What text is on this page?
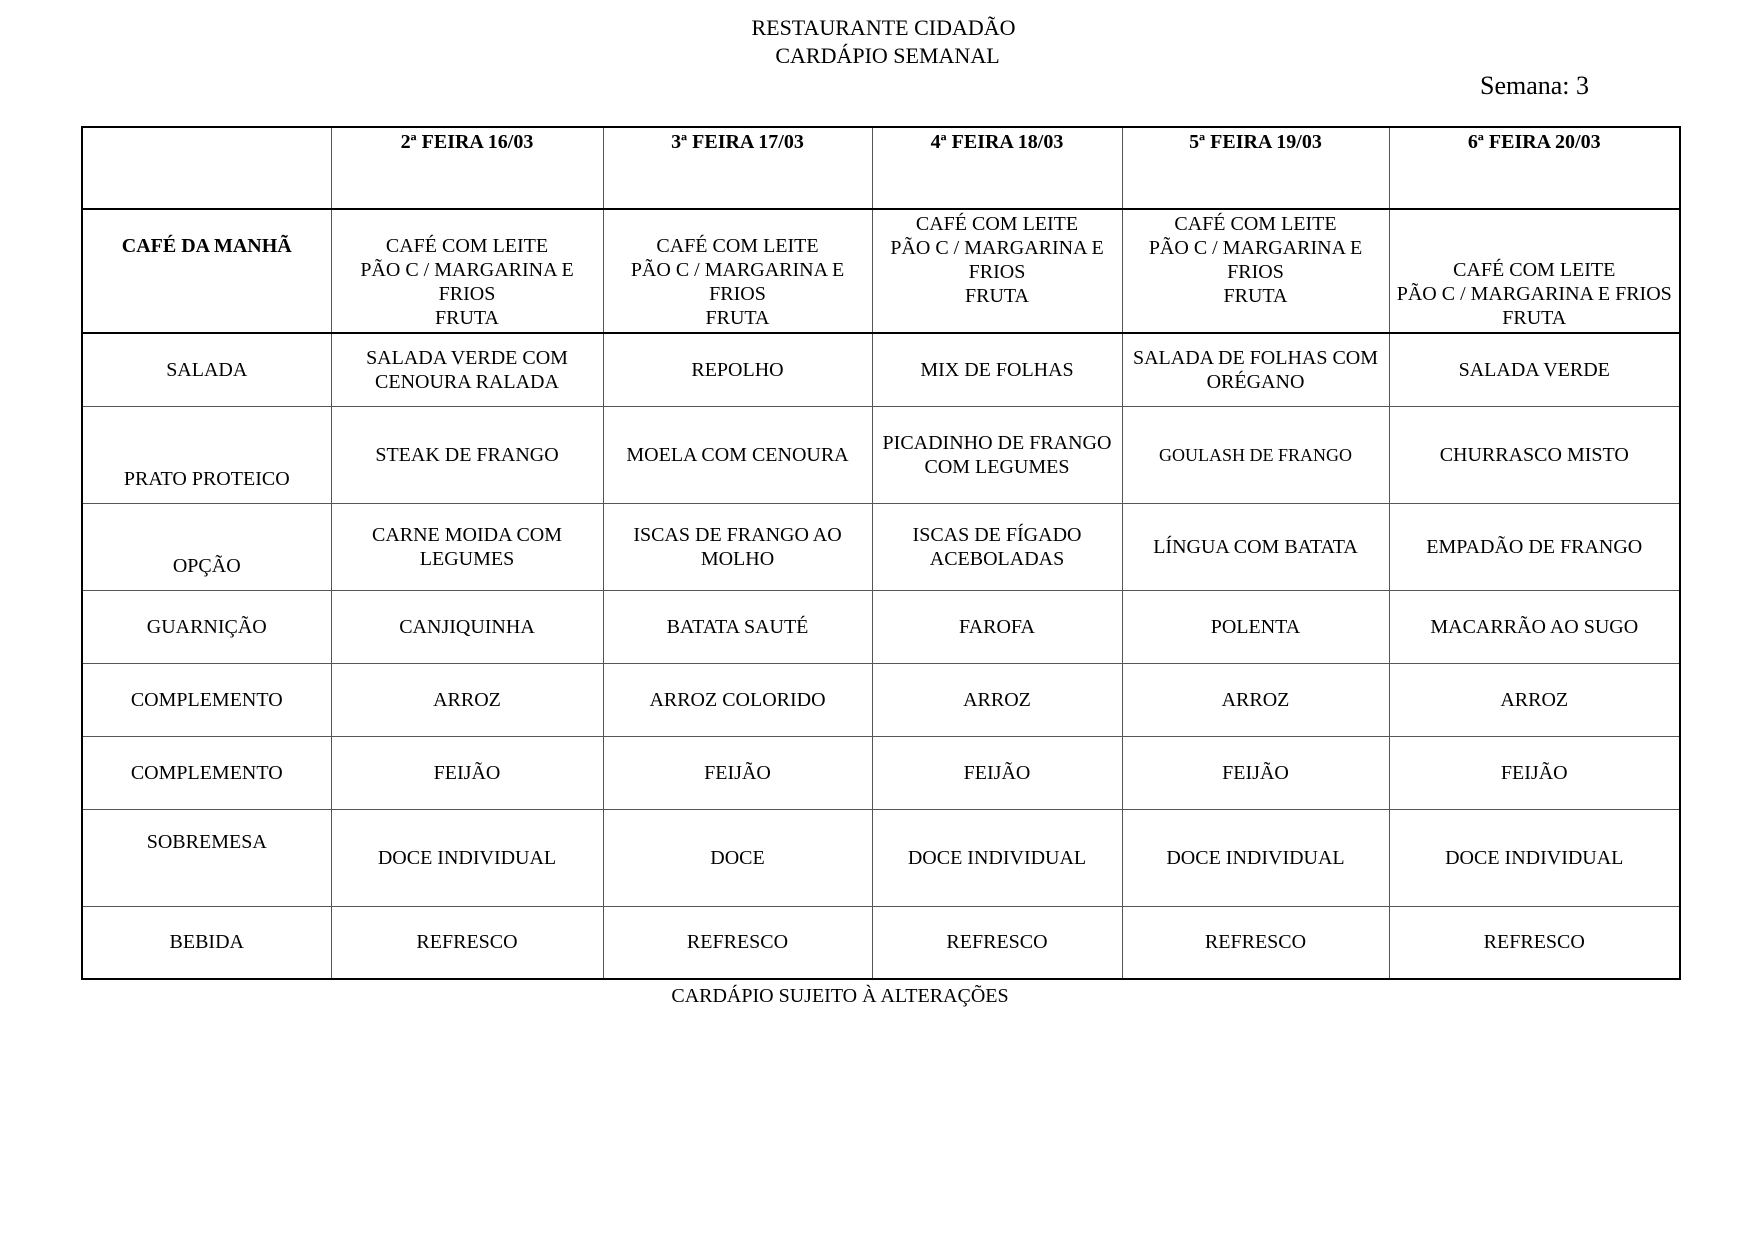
RESTAURANTE CIDADÃO
CARDÁPIO SEMANAL
Semana: 3
	2ª FEIRA 16/03	3ª FEIRA 17/03	4ª FEIRA 18/03	5ª FEIRA 19/03	6ª FEIRA 20/03
CAFÉ DA MANHÃ	CAFÉ COM LEITE
PÃO C / MARGARINA E FRIOS
FRUTA	CAFÉ COM LEITE
PÃO C / MARGARINA E FRIOS
FRUTA	CAFÉ COM LEITE
PÃO C / MARGARINA E FRIOS
FRUTA	CAFÉ COM LEITE
PÃO C / MARGARINA E FRIOS
FRUTA	CAFÉ COM LEITE
PÃO C / MARGARINA E FRIOS
FRUTA

SALADA	SALADA VERDE COM CENOURA RALADA	REPOLHO	MIX DE FOLHAS	SALADA DE FOLHAS COM ORÉGANO	SALADA VERDE
PRATO PROTEICO	STEAK DE FRANGO	MOELA COM CENOURA	PICADINHO DE FRANGO COM LEGUMES	GOULASH DE FRANGO	CHURRASCO MISTO
OPÇÃO	CARNE MOIDA COM LEGUMES	ISCAS DE FRANGO AO MOLHO	ISCAS DE FÍGADO ACEBOLADAS	LÍNGUA COM BATATA	EMPADÃO DE FRANGO
GUARNIÇÃO	CANJIQUINHA	BATATA SAUTÉ	FAROFA	POLENTA	MACARRÃO AO SUGO
COMPLEMENTO	ARROZ	ARROZ COLORIDO	ARROZ	ARROZ	ARROZ
COMPLEMENTO	FEIJÃO	FEIJÃO	FEIJÃO	FEIJÃO	FEIJÃO
SOBREMESA	DOCE INDIVIDUAL	DOCE	DOCE INDIVIDUAL	DOCE INDIVIDUAL	DOCE INDIVIDUAL
BEBIDA	REFRESCO	REFRESCO	REFRESCO	REFRESCO	REFRESCO
CARDÁPIO SUJEITO À ALTERAÇÕES
